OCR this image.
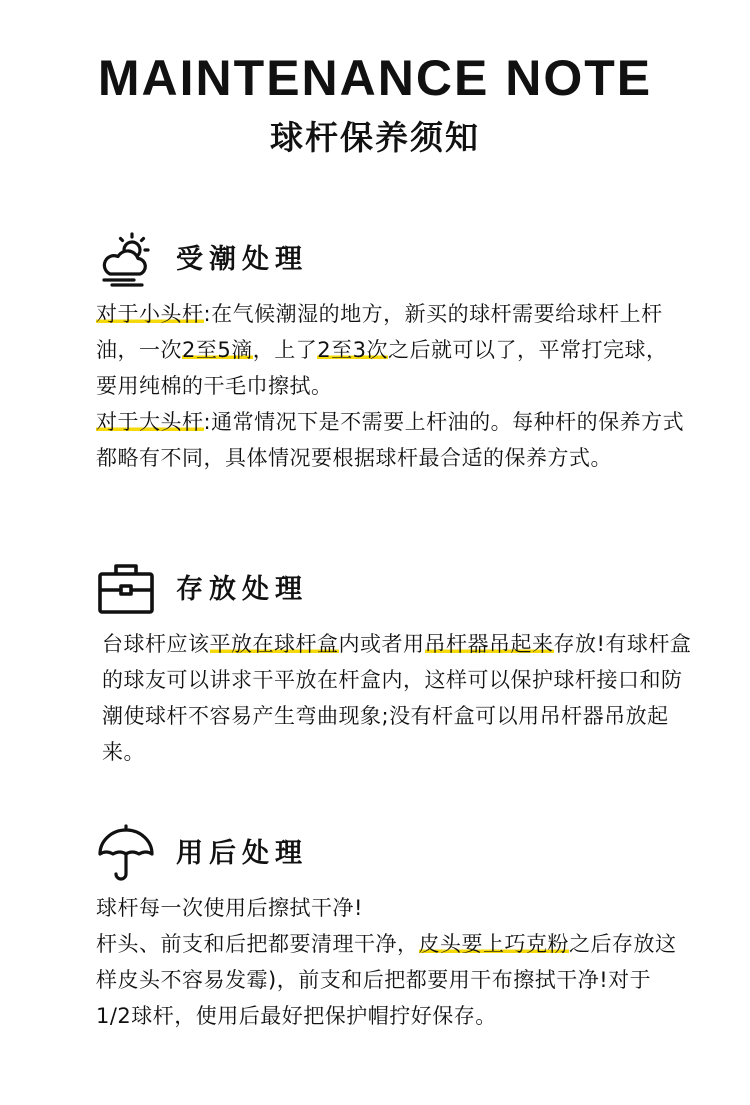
MAINTENANCE NOTE
球杆保养须知
受潮处理

对于小头杆:在气候潮湿的地方，新买的球杆需要给球杆上杆油，一次2至5滴，上了2至3次之后就可以了，平常打完球，要用纯棉的干毛巾擦拭。

对于大头杆:通常情况下是不需要上杆油的。每种杆的保养方式都略有不同，具体情况要根据球杆最合适的保养方式。

存放处理

台球杆应该平放在球杆盒内或者用吊杆器吊起来存放!有球杆盒的球友可以讲求干平放在杆盒内，这样可以保护球杆接口和防潮使球杆不容易产生弯曲现象;没有杆盒可以用吊杆器吊放起来。

用后处理

球杆每一次使用后擦拭干净!

杆头、前支和后把都要清理干净，皮头要上巧克粉之后存放这样皮头不容易发霉)，前支和后把都要用干布擦拭干净!对于1/2球杆，使用后最好把保护帽拧好保存。
